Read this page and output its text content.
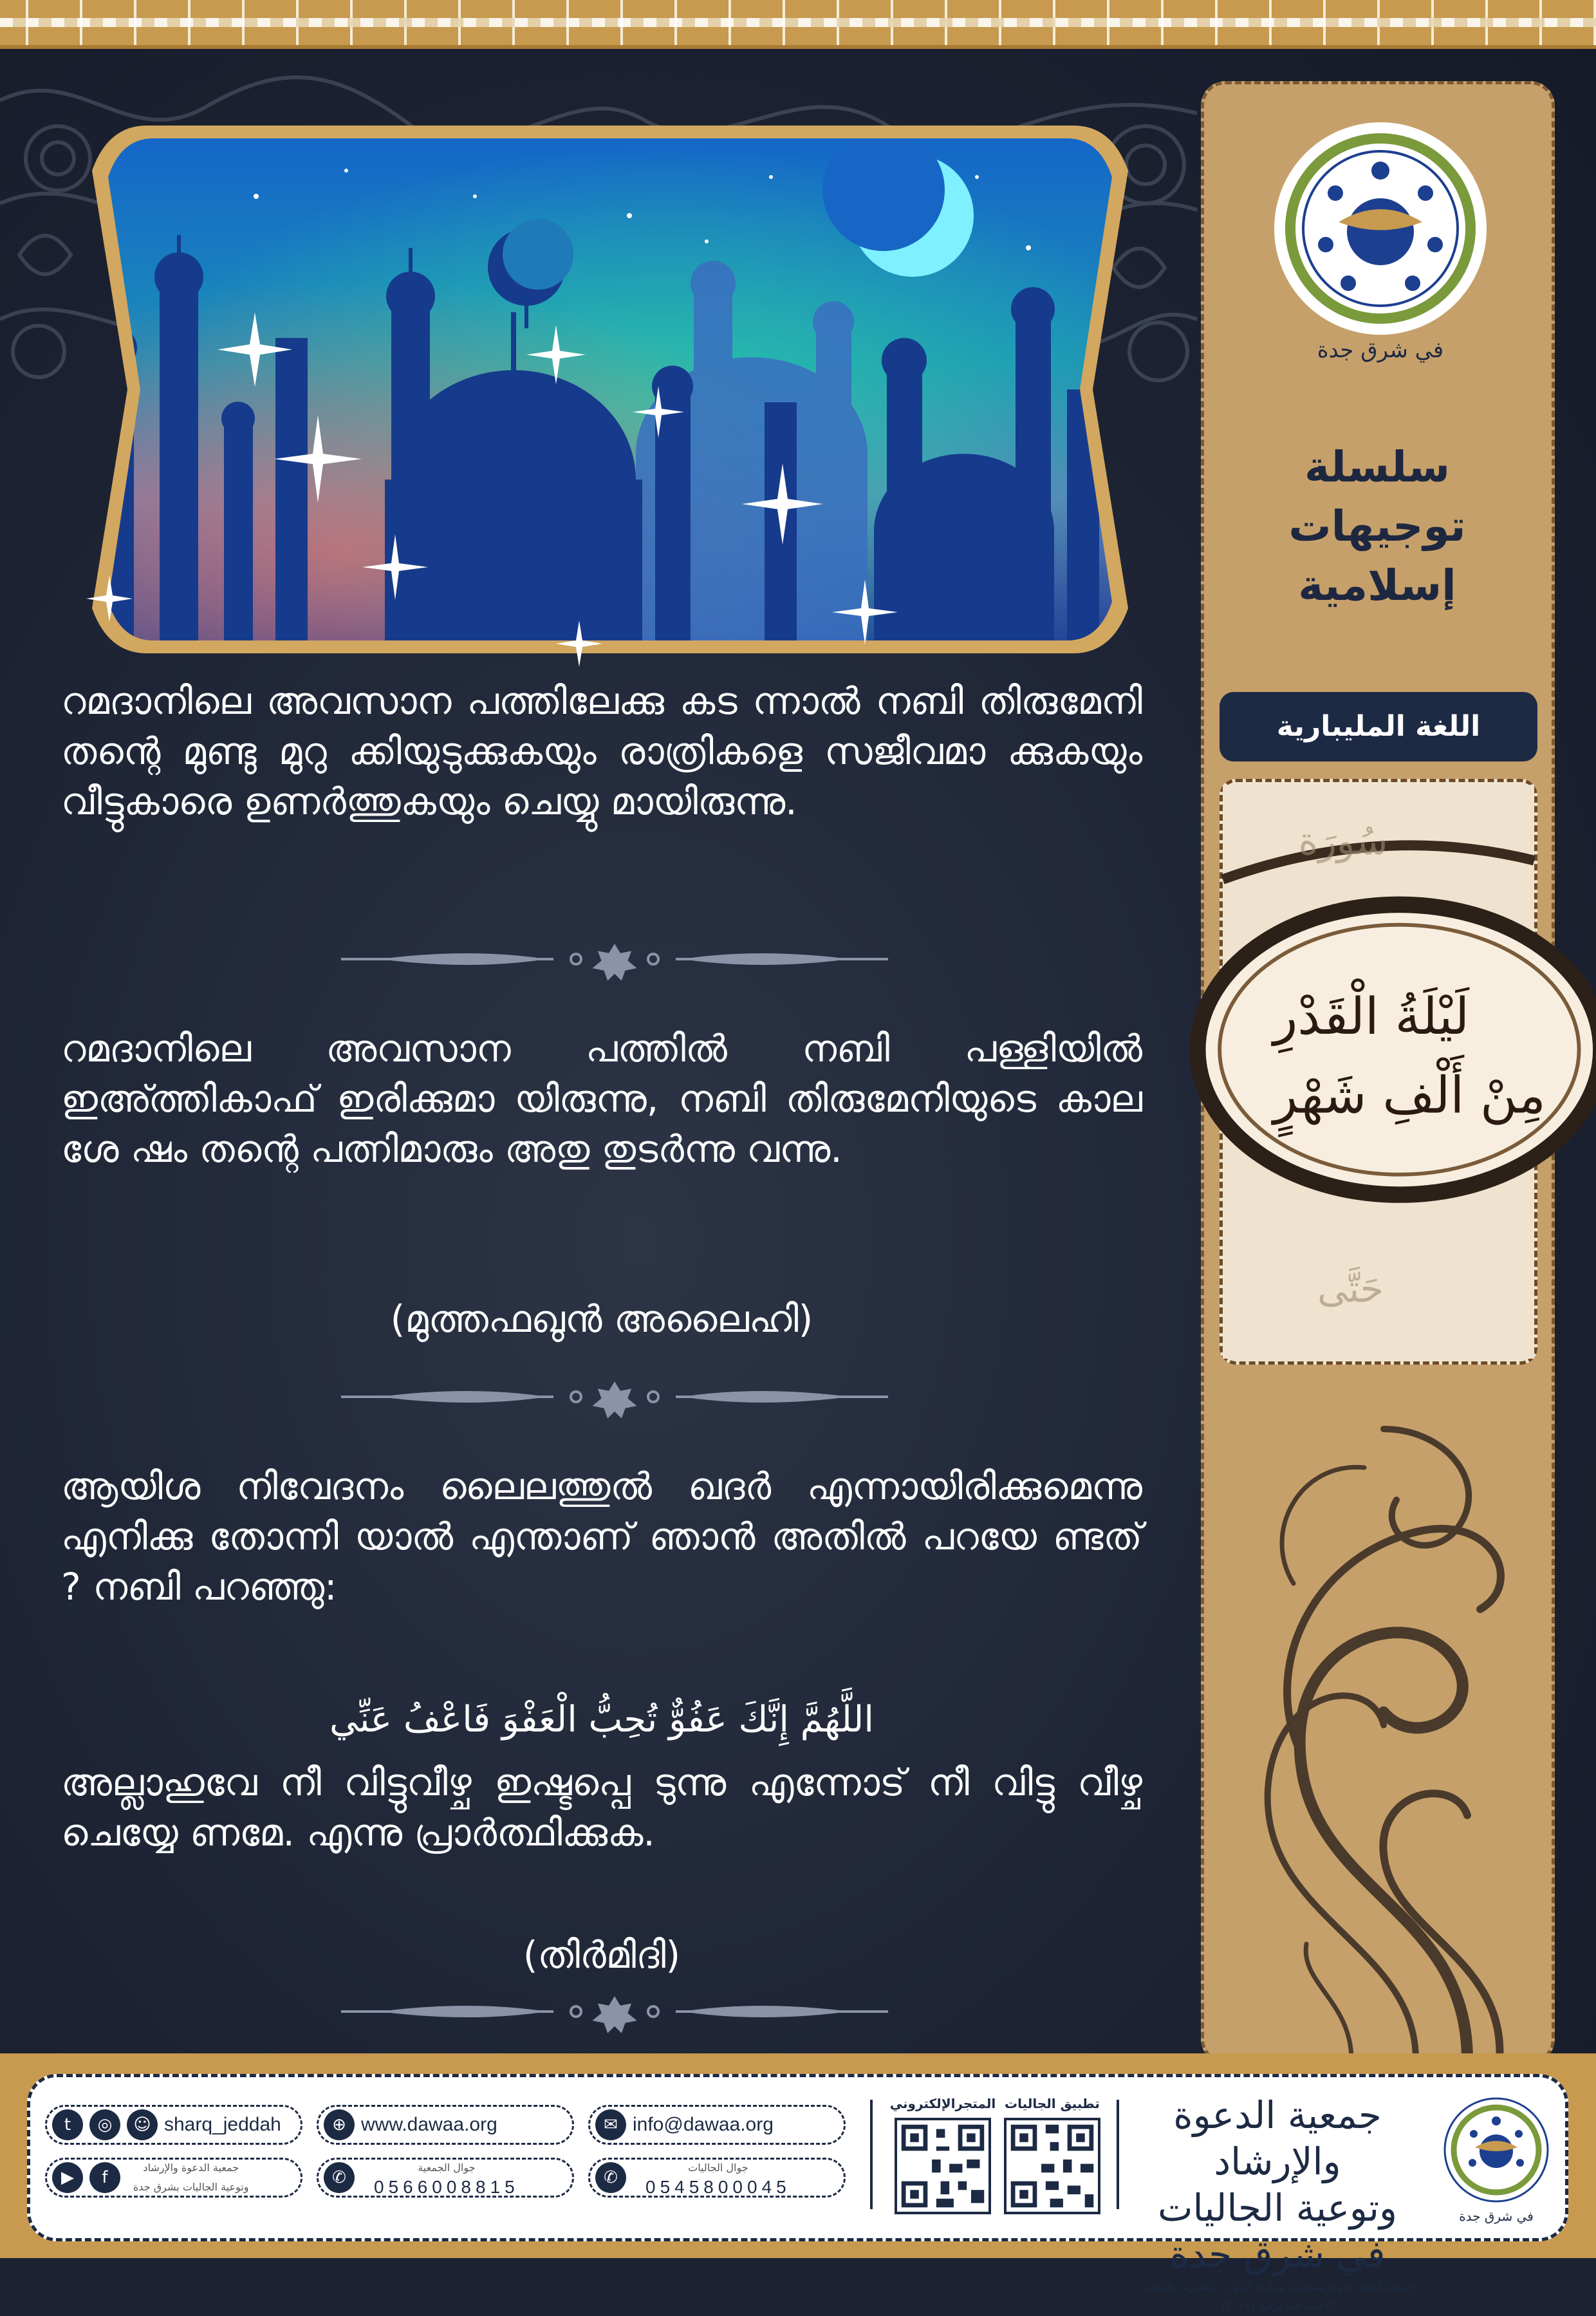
في شرق جدة
سلسلة
توجيهات
إسلامية
اللغة المليبارية
لَيْلَةُ الْقَدْرِ
مِنْ أَلْفِ شَهْرٍ
سُورَة
حَتَّى
റമദാനിലെ അവസാന പത്തിലേക്കു കട ന്നാൽ നബി തിരുമേനി തന്റെ മുണ്ടു മുറു ക്കിയുടുക്കുകയും രാത്രികളെ സജീവമാ ക്കുകയും വീട്ടുകാരെ ഉണർത്തുകയും ചെയ്യു മായിരുന്നു.
റമദാനിലെ അവസാന പത്തിൽ നബി പള്ളിയിൽ ഇഅ്ത്തികാഫ് ഇരിക്കുമാ യിരുന്നു, നബി തിരുമേനിയുടെ കാല ശേ ഷം തന്റെ പത്നിമാരും അതു തുടർന്നു വന്നു.
(മുത്തഫഖുൻ അലൈഹി)
ആയിശ നിവേദനം ലൈലത്തുൽ ഖദർ എന്നായിരിക്കുമെന്നു എനിക്കു തോന്നി യാൽ എന്താണ് ഞാൻ അതിൽ പറയേ ണ്ടത് ? നബി പറഞ്ഞു:
اللَّهُمَّ إِنَّكَ عَفُوٌّ تُحِبُّ الْعَفْوَ فَاعْفُ عَنِّي
അല്ലാഹുവേ നീ വിട്ടുവീഴ്ച ഇഷ്ടപ്പെ ടുന്നു എന്നോട് നീ വിട്ടു വീഴ്ച ചെയ്യേ ണമേ. എന്നു പ്രാർത്ഥിക്കുക.
(തിർമിദി)
t	◎	☺ sharq_jeddah
▶	f
جمعية الدعوة والإرشاد
وتوعية الجاليات بشرق جدة
⊕ www.dawaa.org
✆
جوال الجمعية
0566008815
✉ info@dawaa.org
✆
جوال الجاليات
0545800045
المتجرالإلكتروني تطبيق الجاليات	جمعية الدعوة والإرشاد
وتوعية الجاليات في شرق جدة
جمعية أهلية دعوية مسجلة بوزارة الموارد البشرية والتنمية الاجتماعية برقم (٢٠٧٤)
في شرق جدة
